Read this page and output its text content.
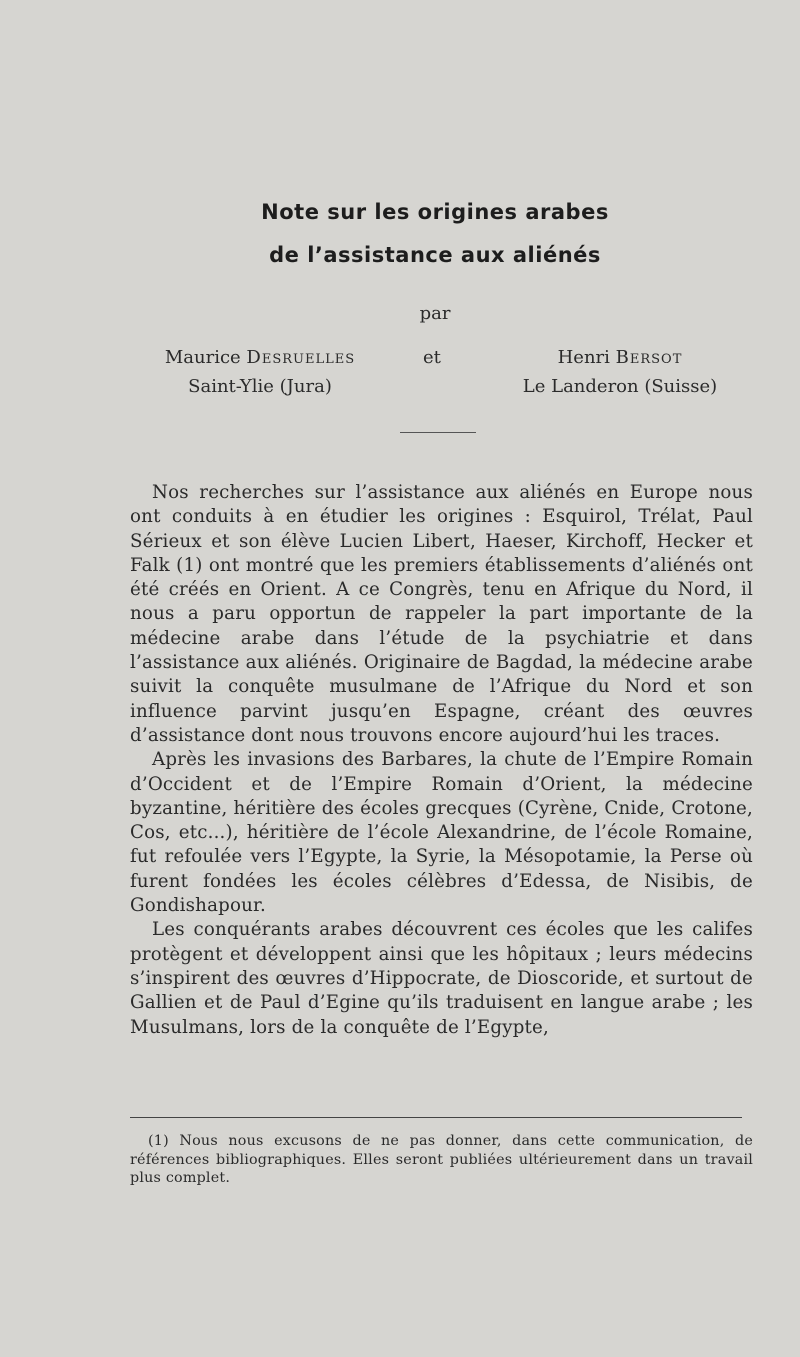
Note sur les origines arabes
de l’assistance aux aliénés
par
Maurice Desruelles
Saint-Ylie (Jura)
et	Henri Bersot
Le Landeron (Suisse)

Nos recherches sur l’assistance aux aliénés en Europe nous ont conduits à en étudier les origines : Esquirol, Trélat, Paul Sérieux et son élève Lucien Libert, Haeser, Kirchoff, Hecker et Falk (1) ont montré que les premiers établissements d’aliénés ont été créés en Orient. A ce Congrès, tenu en Afrique du Nord, il nous a paru opportun de rappeler la part importante de la médecine arabe dans l’étude de la psychiatrie et dans l’assistance aux aliénés. Originaire de Bagdad, la médecine arabe suivit la conquête musulmane de l’Afrique du Nord et son influence parvint jusqu’en Espagne, créant des œuvres d’assistance dont nous trouvons encore aujourd’hui les traces.

Après les invasions des Barbares, la chute de l’Empire Romain d’Occident et de l’Empire Romain d’Orient, la médecine byzantine, héritière des écoles grecques (Cyrène, Cnide, Crotone, Cos, etc...), héritière de l’école Alexandrine, de l’école Romaine, fut refoulée vers l’Egypte, la Syrie, la Mésopotamie, la Perse où furent fondées les écoles célèbres d’Edessa, de Nisibis, de Gondishapour.

Les conquérants arabes découvrent ces écoles que les califes protègent et développent ainsi que les hôpitaux ; leurs médecins s’inspirent des œuvres d’Hippocrate, de Dioscoride, et surtout de Gallien et de Paul d’Egine qu’ils traduisent en langue arabe ; les Musulmans, lors de la conquête de l’Egypte,

(1) Nous nous excusons de ne pas donner, dans cette communication, de références bibliographiques. Elles seront publiées ultérieurement dans un travail plus complet.
